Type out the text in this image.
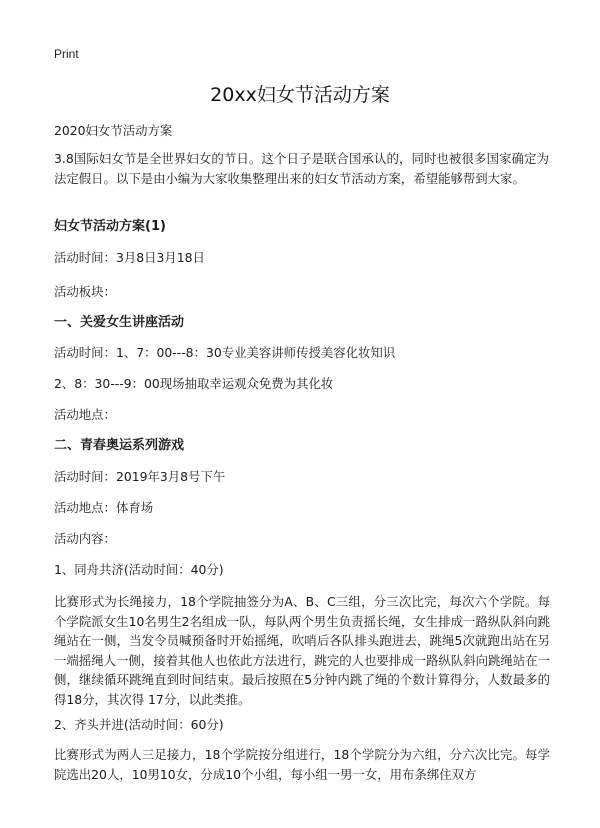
Print
20xx妇女节活动方案
2020妇女节活动方案
3.8国际妇女节是全世界妇女的节日。这个日子是联合国承认的，同时也被很多国家确定为法定假日。以下是由小编为大家收集整理出来的妇女节活动方案，希望能够帮到大家。
妇女节活动方案(1)
活动时间：3月8日3月18日
活动板块：
一、关爱女生讲座活动
活动时间：1、7：00---8：30专业美容讲师传授美容化妆知识
2、8：30---9：00现场抽取幸运观众免费为其化妆
活动地点：
二、青春奥运系列游戏
活动时间：2019年3月8号下午
活动地点：体育场
活动内容：
1、同舟共济(活动时间：40分)
比赛形式为长绳接力，18个学院抽签分为A、B、C三组，分三次比完，每次六个学院。每个学院派女生10名男生2名组成一队，每队两个男生负责摇长绳，女生排成一路纵队斜向跳绳站在一侧，当发令员喊预备时开始摇绳，吹哨后各队排头跑进去，跳绳5次就跑出站在另一端摇绳人一侧，接着其他人也依此方法进行，跳完的人也要排成一路纵队斜向跳绳站在一侧，继续循环跳绳直到时间结束。最后按照在5分钟内跳了绳的个数计算得分，人数最多的得18分，其次得 17分，以此类推。
2、齐头并进(活动时间：60分)
比赛形式为两人三足接力，18个学院按分组进行，18个学院分为六组，分六次比完。每学院选出20人，10男10女，分成10个小组，每小组一男一女，用布条绑住双方
